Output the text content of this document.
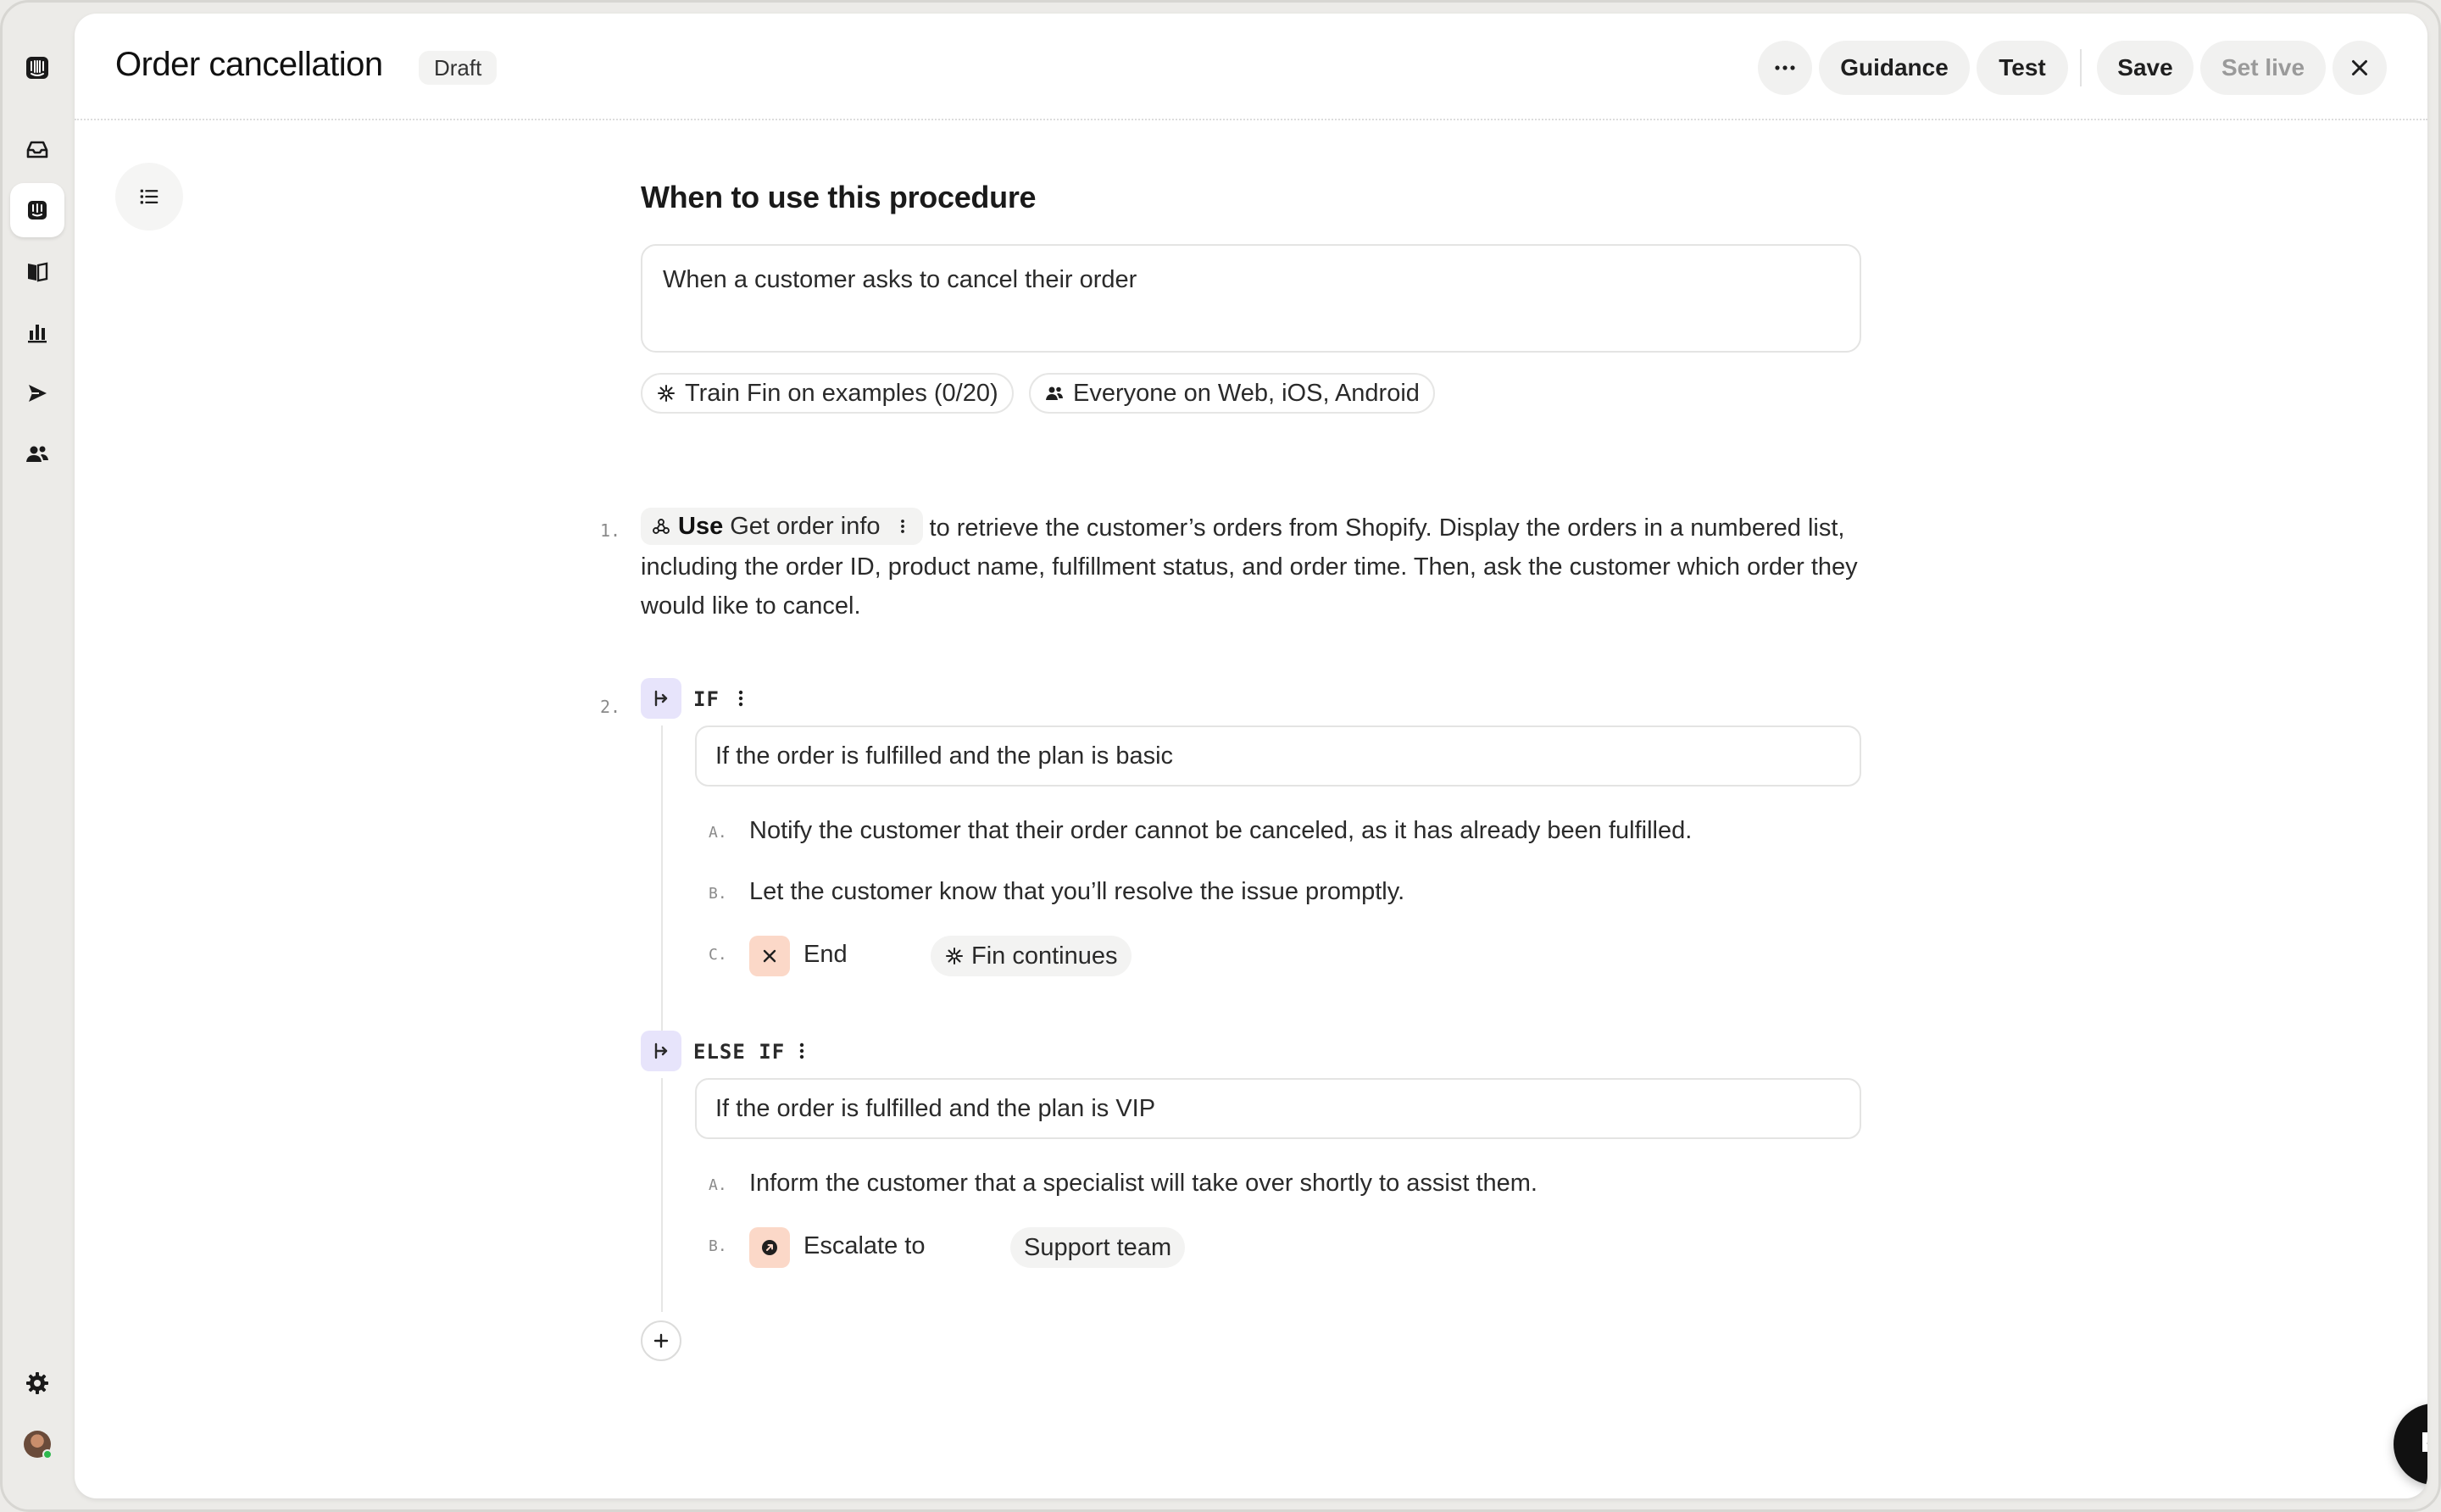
Order cancellation	Draft	Guidance	Test	Save	Set live
When to use this procedure
When a customer asks to cancel their order
Train Fin on examples (0/20)	Everyone on Web, iOS, Android
1. Use Get order info to retrieve the customer’s orders from Shopify. Display the orders in a numbered list, including the order ID, product name, fulfillment status, and order time. Then, ask the customer which order they would like to cancel.
2.	IF
If the order is fulfilled and the plan is basic
A. Notify the customer that their order cannot be canceled, as it has already been fulfilled.
B. Let the customer know that you’ll resolve the issue promptly.
C.	End	Fin continues
ELSE IF
If the order is fulfilled and the plan is VIP
A. Inform the customer that a specialist will take over shortly to assist them.
B.	Escalate to	Support team
